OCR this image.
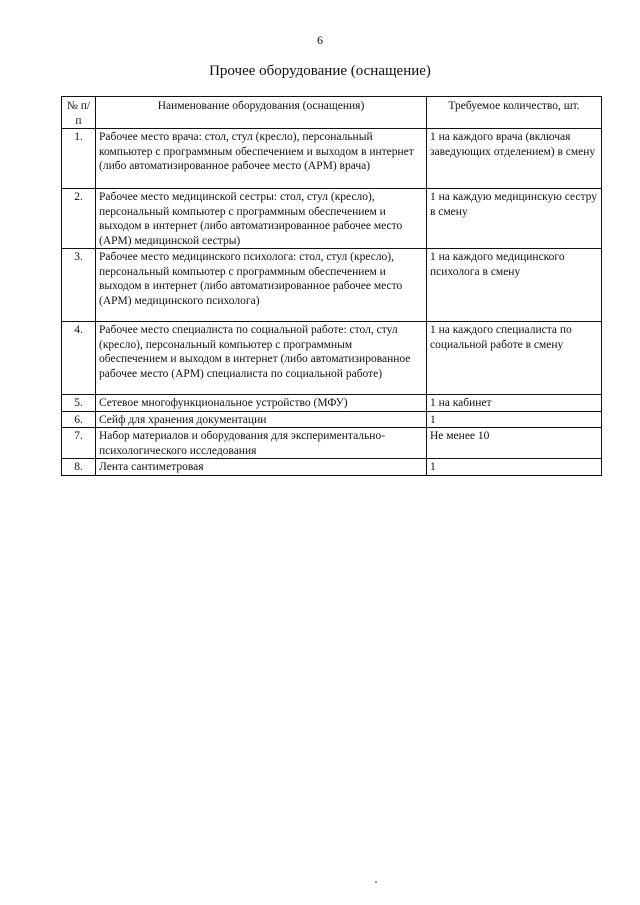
6
Прочее оборудование (оснащение)
№ п/п	Наименование оборудования (оснащения)	Требуемое количество, шт.
1.	Рабочее место врача: стол, стул (кресло), персональный компьютер с программным обеспечением и выходом в интернет (либо автоматизированное рабочее место (АРМ) врача)	1 на каждого врача (включая заведующих отделением) в смену
2.	Рабочее место медицинской сестры: стол, стул (кресло), персональный компьютер с программным обеспечением и выходом в интернет (либо автоматизированное рабочее место (АРМ) медицинской сестры)	1 на каждую медицинскую сестру в смену
3.	Рабочее место медицинского психолога: стол, стул (кресло), персональный компьютер с программным обеспечением и выходом в интернет (либо автоматизированное рабочее место (АРМ) медицинского психолога)	1 на каждого медицинского психолога в смену
4.	Рабочее место специалиста по социальной работе: стол, стул (кресло), персональный компьютер с программным обеспечением и выходом в интернет (либо автоматизированное рабочее место (АРМ) специалиста по социальной работе)	1 на каждого специалиста по социальной работе в смену
5.	Сетевое многофункциональное устройство (МФУ)	1 на кабинет
6.	Сейф для хранения документации	1
7.	Набор материалов и оборудования для экспериментально-психологического исследования	Не менее 10
8.	Лента сантиметровая	1
